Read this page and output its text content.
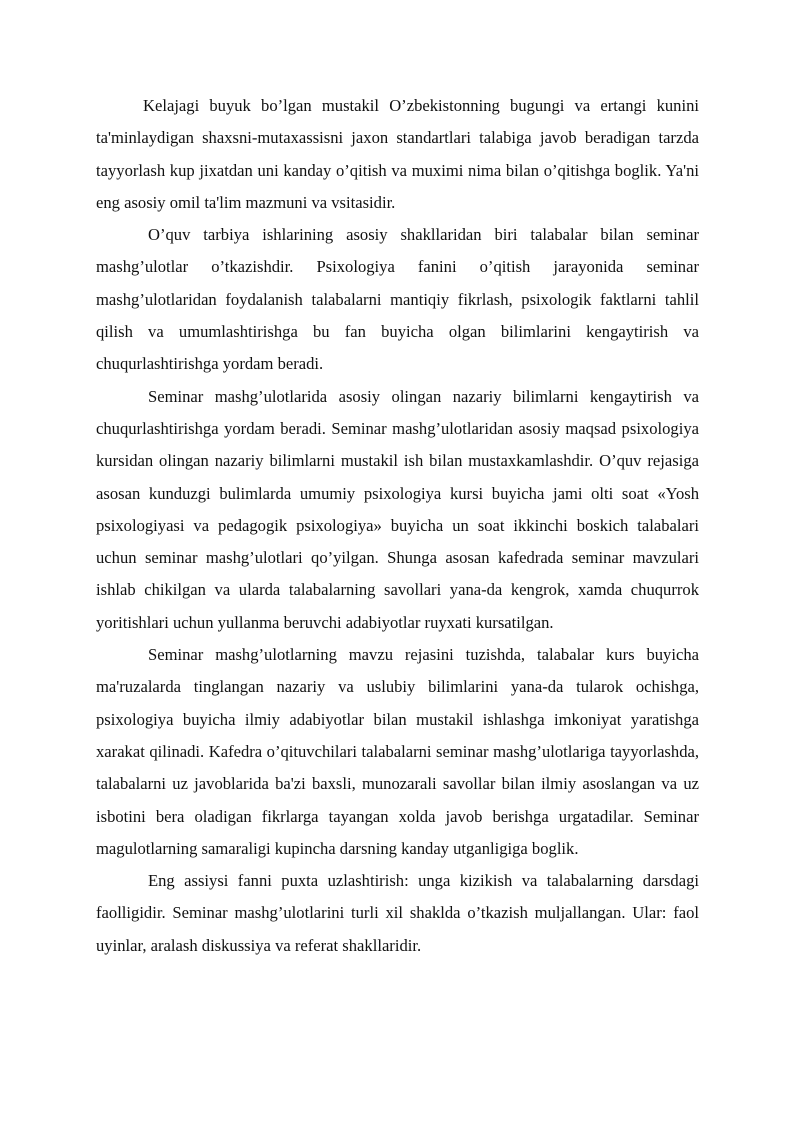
Kelajagi buyuk bo’lgan mustakil O’zbekistonning bugungi va ertangi kunini ta'minlaydigan shaxsni-mutaxassisni jaxon standartlari talabiga javob beradigan tarzda tayyorlash kup jixatdan uni kanday o’qitish va muximi nima bilan o’qitishga boglik. Ya'ni eng asosiy omil ta'lim mazmuni va vsitasidir.

O’quv tarbiya ishlarining asosiy shakllaridan biri talabalar bilan seminar mashg’ulotlar o’tkazishdir. Psixologiya fanini o’qitish jarayonida seminar mashg’ulotlaridan foydalanish talabalarni mantiqiy fikrlash, psixologik faktlarni tahlil qilish va umumlashtirishga bu fan buyicha olgan bilimlarini kengaytirish va chuqurlashtirishga yordam beradi.

Seminar mashg’ulotlarida asosiy olingan nazariy bilimlarni kengaytirish va chuqurlashtirishga yordam beradi. Seminar mashg’ulotlaridan asosiy maqsad psixologiya kursidan olingan nazariy bilimlarni mustakil ish bilan mustaxkamlashdir. O’quv rejasiga asosan kunduzgi bulimlarda umumiy psixologiya kursi buyicha jami olti soat «Yosh psixologiyasi va pedagogik psixologiya» buyicha un soat ikkinchi boskich talabalari uchun seminar mashg’ulotlari qo’yilgan. Shunga asosan kafedrada seminar mavzulari ishlab chikilgan va ularda talabalarning savollari yana-da kengrok, xamda chuqurrok yoritishlari uchun yullanma beruvchi adabiyotlar ruyxati kursatilgan.

Seminar mashg’ulotlarning mavzu rejasini tuzishda, talabalar kurs buyicha ma'ruzalarda tinglangan nazariy va uslubiy bilimlarini yana-da tularok ochishga, psixologiya buyicha ilmiy adabiyotlar bilan mustakil ishlashga imkoniyat yaratishga xarakat qilinadi. Kafedra o’qituvchilari talabalarni seminar mashg’ulotlariga tayyorlashda, talabalarni uz javoblarida ba'zi baxsli, munozarali savollar bilan ilmiy asoslangan va uz isbotini bera oladigan fikrlarga tayangan xolda javob berishga urgatadilar. Seminar magulotlarning samaraligi kupincha darsning kanday utganligiga boglik.

Eng assiysi fanni puxta uzlashtirish: unga kizikish va talabalarning darsdagi faolligidir. Seminar mashg’ulotlarini turli xil shaklda o’tkazish muljallangan. Ular: faol uyinlar, aralash diskussiya va referat shakllaridir.
